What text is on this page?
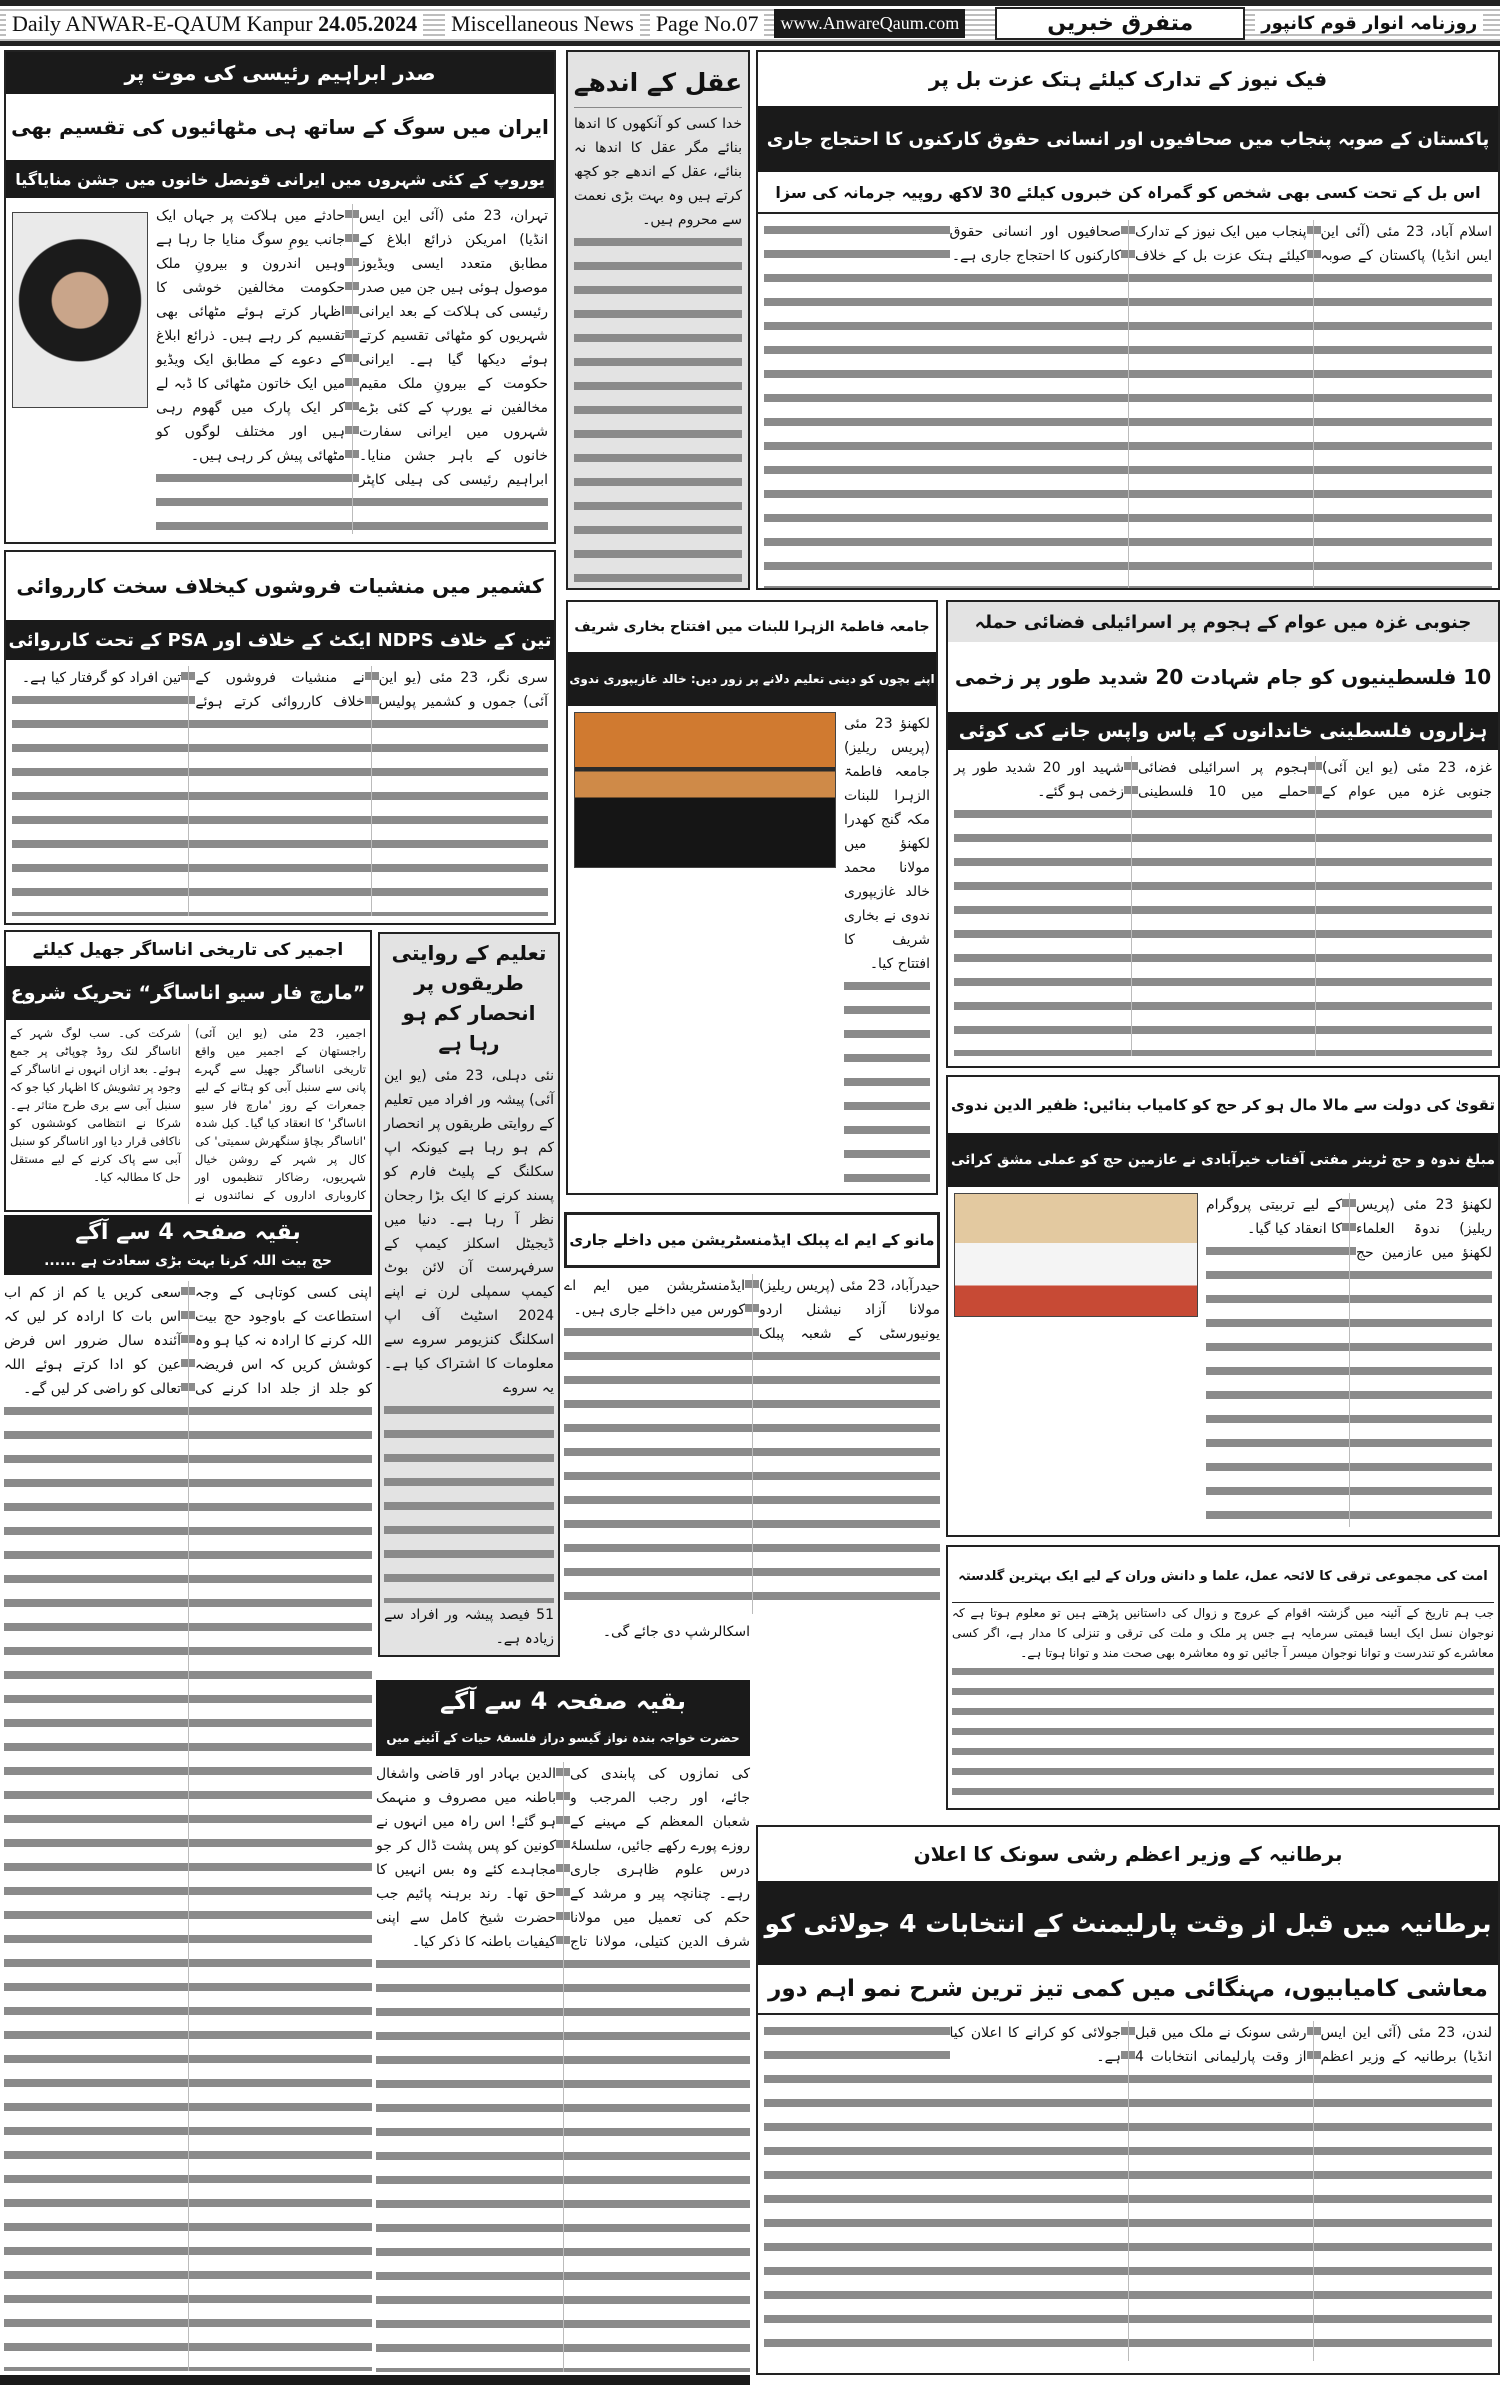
Daily ANWAR-E-QAUM Kanpur 24.05.2024 Miscellaneous News Page No.07	www.AnwareQaum.com	متفرق خبریں	روزنامہ انوار قوم کانپور
صدر ابراہیم رئیسی کی موت پر
ایران میں سوگ کے ساتھ ہی مٹھائیوں کی تقسیم بھی
یوروپ کے کئی شہروں میں ایرانی قونصل خانوں میں جشن منایاگیا

تہران، 23 مئی (آئی این ایس انڈیا) امریکن ذرائع ابلاغ کے مطابق متعدد ایسی ویڈیوز موصول ہوئی ہیں جن میں صدر رئیسی کی ہلاکت کے بعد ایرانی شہریوں کو مٹھائی تقسیم کرتے ہوئے دیکھا گیا ہے۔ ایرانی حکومت کے بیرونِ ملک مقیم مخالفین نے یورپ کے کئی بڑے شہروں میں ایرانی سفارت خانوں کے باہر جشن منایا۔ ابراہیم رئیسی کی ہیلی کاپٹر حادثے میں ہلاکت پر جہاں ایک جانب یومِ سوگ منایا جا رہا ہے وہیں اندرون و بیرونِ ملک حکومت مخالفین خوشی کا اظہار کرتے ہوئے مٹھائی بھی تقسیم کر رہے ہیں۔ ذرائع ابلاغ کے دعوے کے مطابق ایک ویڈیو میں ایک خاتون مٹھائی کا ڈبہ لے کر ایک پارک میں گھوم رہی ہیں اور مختلف لوگوں کو مٹھائی پیش کر رہی ہیں۔

عقل کے اندھے

خدا کسی کو آنکھوں کا اندھا بنائے مگر عقل کا اندھا نہ بنائے، عقل کے اندھے جو کچھ کرتے ہیں وہ بہت بڑی نعمت سے محروم ہیں۔

فیک نیوز کے تدارک کیلئے ہتک عزت بل پر
پاکستان کے صوبہ پنجاب میں صحافیوں اور انسانی حقوق کارکنوں کا احتجاج جاری
اس بل کے تحت کسی بھی شخص کو گمراہ کن خبروں کیلئے 30 لاکھ روپیہ جرمانہ کی سزا

اسلام آباد، 23 مئی (آئی این ایس انڈیا) پاکستان کے صوبہ پنجاب میں ایک نیوز کے تدارک کیلئے ہتک عزت بل کے خلاف صحافیوں اور انسانی حقوق کارکنوں کا احتجاج جاری ہے۔

کشمیر میں منشیات فروشوں کیخلاف سخت کارروائی
تین کے خلاف NDPS ایکٹ کے خلاف اور PSA کے تحت کارروائی

سری نگر، 23 مئی (یو این آئی) جموں و کشمیر پولیس نے منشیات فروشوں کے خلاف کارروائی کرتے ہوئے تین افراد کو گرفتار کیا ہے۔

جامعہ فاطمۃ الزہرا للبنات میں افتتاح بخاری شریف
اپنے بچوں کو دینی تعلیم دلانے پر زور دیں: خالد غازیپوری ندوی

لکھنؤ 23 مئی (پریس ریلیز) جامعہ فاطمۃ الزہرا للبنات مکہ گنج کھدرا لکھنؤ میں مولانا محمد خالد غازیپوری ندوی نے بخاری شریف کا افتتاح کیا۔

جنوبی غزہ میں عوام کے ہجوم پر اسرائیلی فضائی حملہ
10 فلسطینیوں کو جام شہادت 20 شدید طور پر زخمی
ہزاروں فلسطینی خاندانوں کے پاس واپس جانے کی کوئی

غزہ، 23 مئی (یو این آئی) جنوبی غزہ میں عوام کے ہجوم پر اسرائیلی فضائی حملے میں 10 فلسطینی شہید اور 20 شدید طور پر زخمی ہو گئے۔

اجمیر کی تاریخی اناساگر جھیل کیلئے
”مارچ فار سیو اناساگر“ تحریک شروع

اجمیر، 23 مئی (یو این آئی) راجستھان کے اجمیر میں واقع تاریخی اناساگر جھیل سے گہرے پانی سے سنبل آبی کو ہٹانے کے لیے جمعرات کے روز 'مارچ فار سیو اناساگر' کا انعقاد کیا گیا۔ کیل شدہ 'اناساگر بچاؤ سنگھرش سمیتی' کی کال پر شہر کے روشن خیال شہریوں، رضاکار تنظیموں اور کاروباری اداروں کے نمائندوں نے شرکت کی۔ سب لوگ شہر کے اناساگر لنک روڈ چوپاٹی پر جمع ہوئے۔ بعد ازاں انہوں نے اناساگر کے وجود پر تشویش کا اظہار کیا جو کہ سنبل آبی سے بری طرح متاثر ہے۔ شرکا نے انتظامی کوششوں کو ناکافی قرار دیا اور اناساگر کو سنبل آبی سے پاک کرنے کے لیے مستقل حل کا مطالبہ کیا۔

تعلیم کے روایتی طریقوں پر انحصار کم ہو رہا ہے

نئی دہلی، 23 مئی (یو این آئی) پیشہ ور افراد میں تعلیم کے روایتی طریقوں پر انحصار کم ہو رہا ہے کیونکہ اپ سکلنگ کے پلیٹ فارم کو پسند کرنے کا ایک بڑا رجحان نظر آ رہا ہے۔ دنیا میں ڈیجیٹل اسکلز کیمپ کے سرفہرست آن لائن بوٹ کیمپ سمپلی لرن نے اپنے 2024 اسٹیٹ آف اپ اسکلنگ کنزیومر سروے سے معلومات کا اشتراک کیا ہے۔ یہ سروے

51 فیصد پیشہ ور افراد سے زیادہ ہے۔

بقیہ صفحہ 4 سے آگے
حج بیت اللہ کرنا بہت بڑی سعادت ہے ......

اپنی کسی کوتاہی کے وجہ استطاعت کے باوجود حج بیت اللہ کرنے کا ارادہ نہ کیا ہو وہ کوشش کریں کہ اس فریضہ کو جلد از جلد ادا کرنے کی سعی کریں یا کم از کم اب اس بات کا ارادہ کر لیں کہ آئندہ سال ضرور اس فرض عین کو ادا کرتے ہوئے اللہ تعالی کو راضی کر لیں گے۔

تقویٰ کی دولت سے مالا مال ہو کر حج کو کامیاب بنائیں: ظفیر الدین ندوی
مبلغ ندوہ و حج ٹرینر مفتی آفتاب خیرآبادی نے عازمین حج کو عملی مشق کرائی

لکھنؤ 23 مئی (پریس ریلیز) ندوۃ العلماء لکھنؤ میں عازمین حج کے لیے تربیتی پروگرام کا انعقاد کیا گیا۔

مانو کے ایم اے پبلک ایڈمنسٹریشن میں داخلے جاری

حیدرآباد، 23 مئی (پریس ریلیز) مولانا آزاد نیشنل اردو یونیورسٹی کے شعبہ پبلک ایڈمنسٹریشن میں ایم اے کورس میں داخلے جاری ہیں۔

اسکالرشپ دی جائے گی۔

بقیہ صفحہ 4 سے آگے
حضرت خواجہ بندہ نواز گیسو دراز فلسفۂ حیات کے آئینے میں

کی نمازوں کی پابندی کی جائے، اور رجب المرجب و شعبان المعظم کے مہینے کے روزے پورے رکھے جائیں، سلسلۂ درس علوم ظاہری جاری رہے۔ چنانچہ پیر و مرشد کے حکم کی تعمیل میں مولانا شرف الدین کتیلی، مولانا تاج الدین بہادر اور قاضی واشغال باطنہ میں مصروف و منہمک ہو گئے! اس راہ میں انہوں نے کونین کو پس پشت ڈال کر جو مجاہدے کئے وہ بس انہیں کا حق تھا۔ رند برہنہ پائیم جب حضرت شیخ کامل سے اپنی کیفیات باطنہ کا ذکر کیا۔

امت کی مجموعی ترقی کا لائحہ عمل، علما و دانش وران کے لیے ایک بہترین گلدستہ

جب ہم تاریخ کے آئینہ میں گزشتہ اقوام کے عروج و زوال کی داستانیں پڑھتے ہیں تو معلوم ہوتا ہے کہ نوجوان نسل ایک ایسا قیمتی سرمایہ ہے جس پر ملک و ملت کی ترقی و تنزلی کا مدار ہے، اگر کسی معاشرے کو تندرست و توانا نوجوان میسر آ جائیں تو وہ معاشرہ بھی صحت مند و توانا ہوتا ہے۔

برطانیہ کے وزیر اعظم رشی سونک کا اعلان
برطانیہ میں قبل از وقت پارلیمنٹ کے انتخابات 4 جولائی کو
معاشی کامیابیوں، مہنگائی میں کمی تیز ترین شرح نمو اہم دور

لندن، 23 مئی (آئی این ایس انڈیا) برطانیہ کے وزیر اعظم رشی سونک نے ملک میں قبل از وقت پارلیمانی انتخابات 4 جولائی کو کرانے کا اعلان کیا ہے۔
